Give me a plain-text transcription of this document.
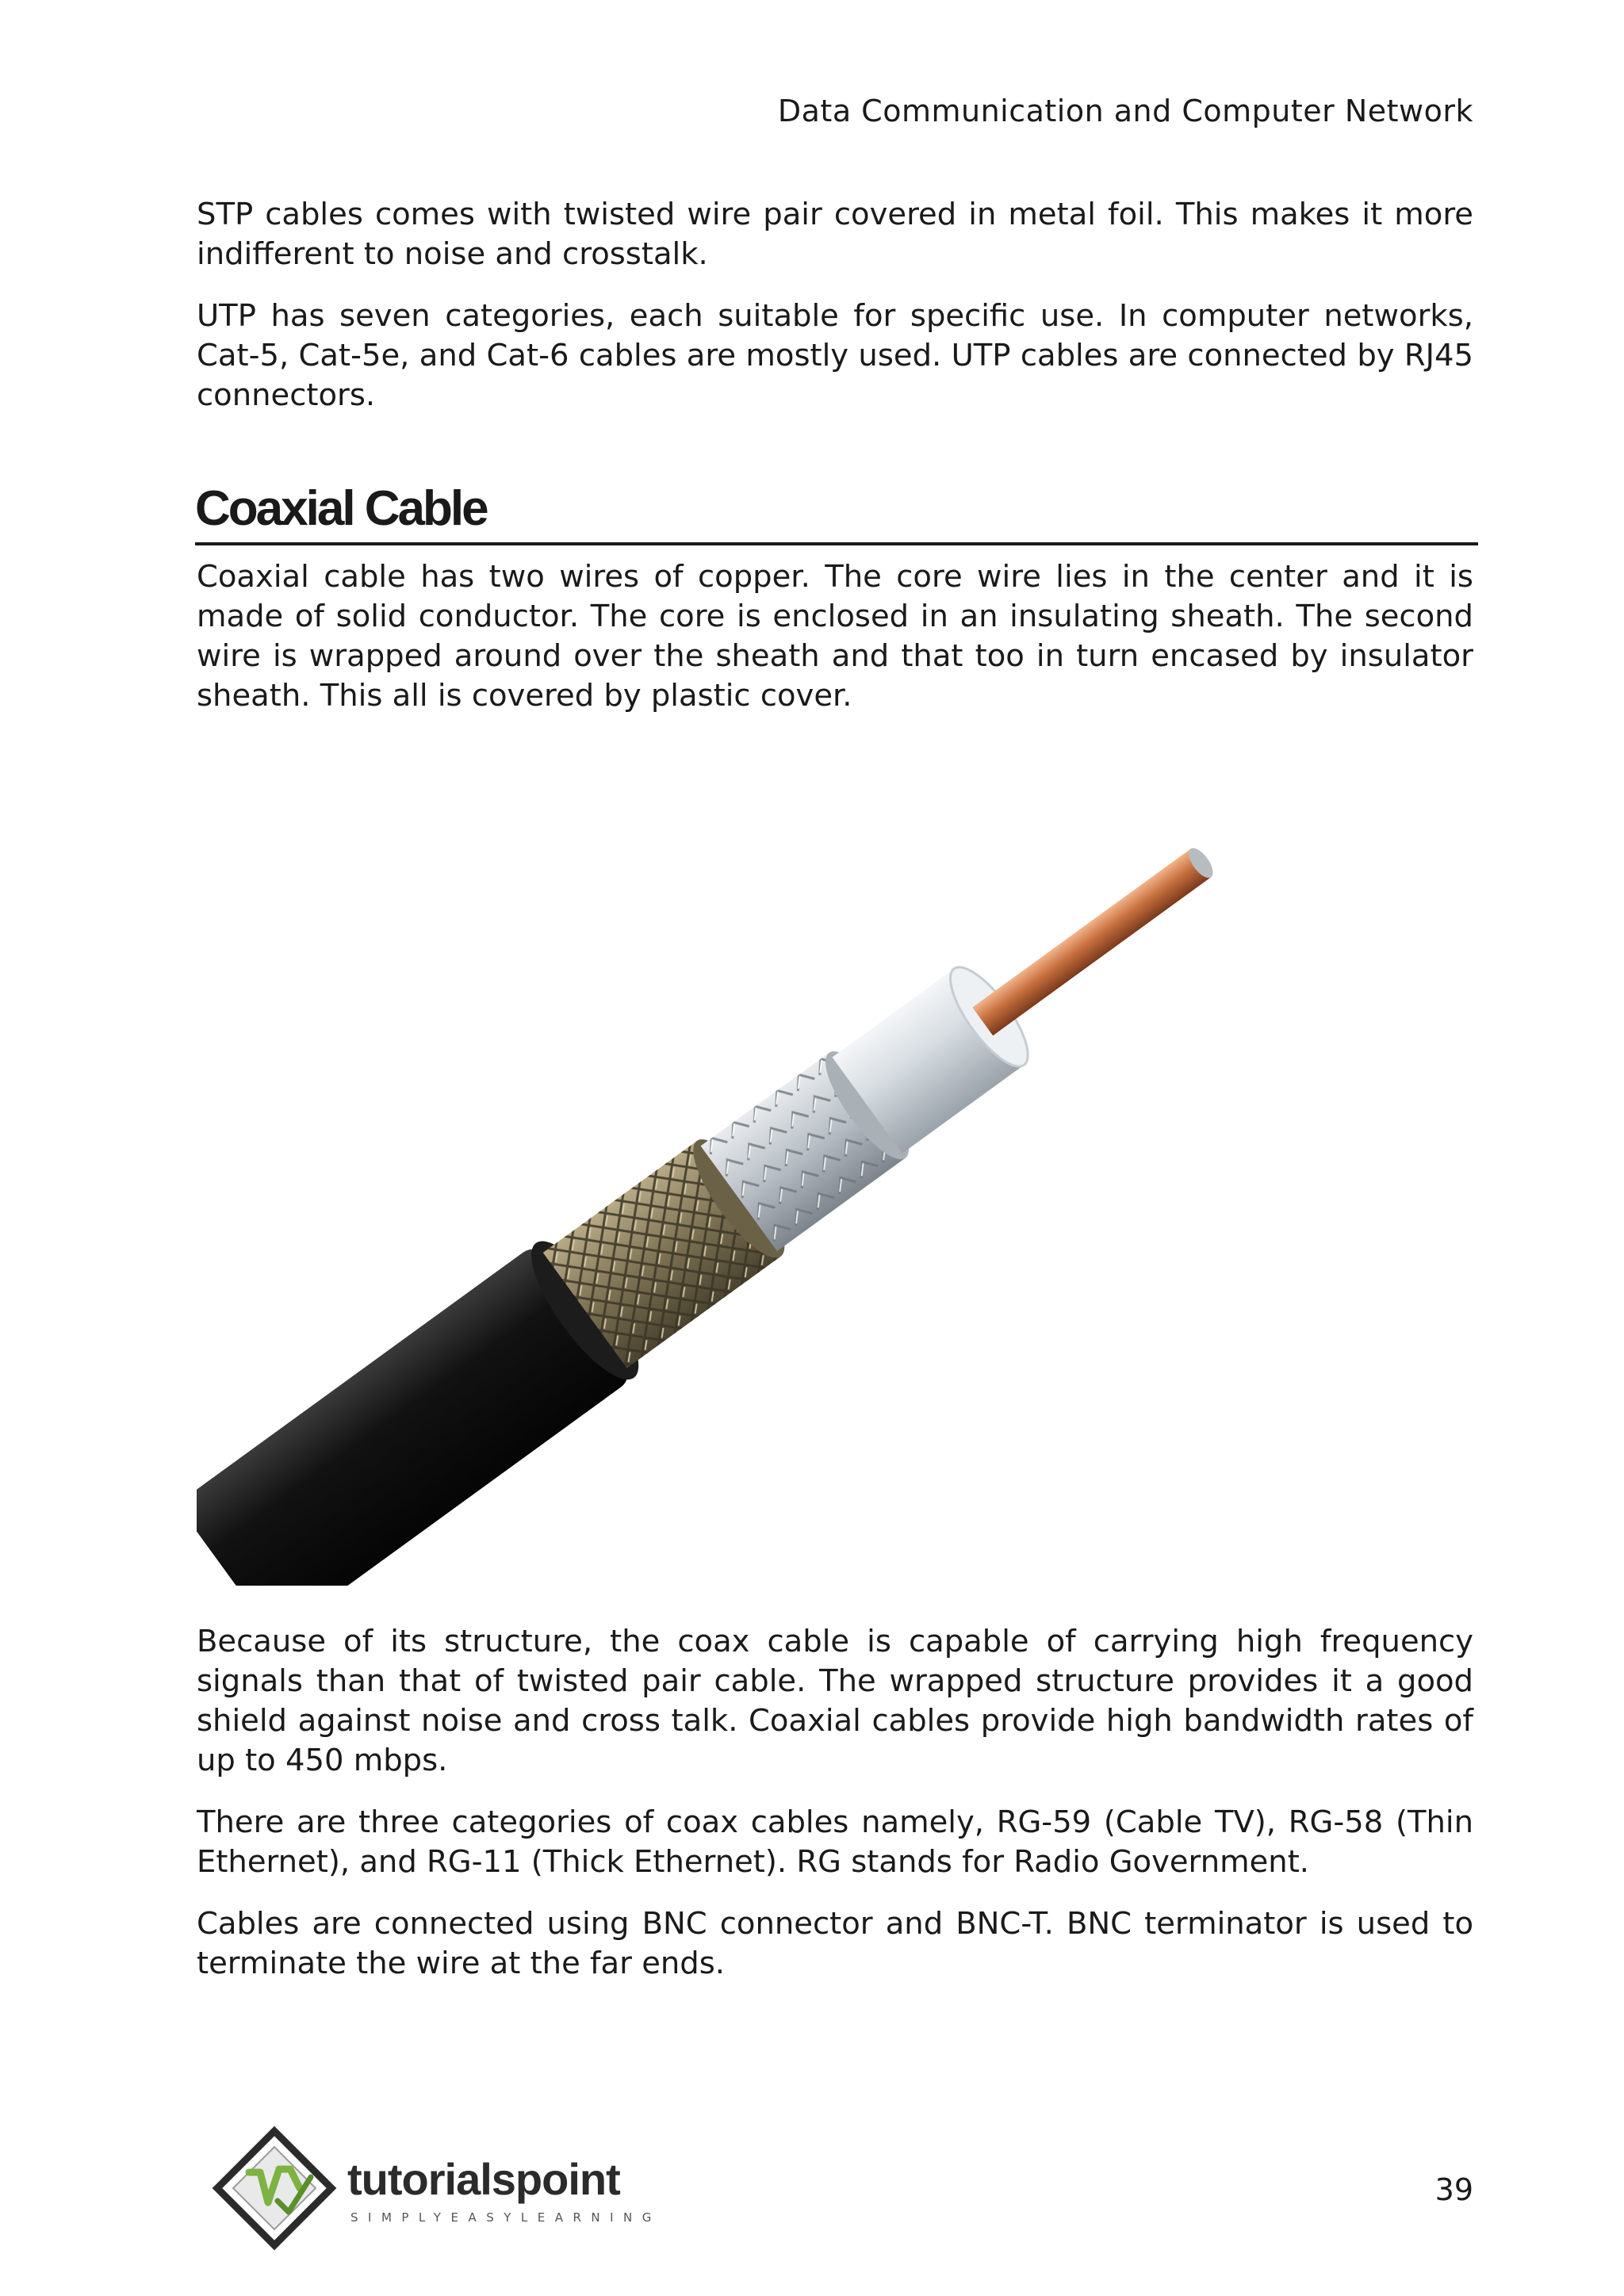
Data Communication and Computer Network

STP cables comes with twisted wire pair covered in metal foil. This makes it more indifferent to noise and crosstalk.

UTP has seven categories, each suitable for specific use. In computer networks, Cat-5, Cat-5e, and Cat-6 cables are mostly used. UTP cables are connected by RJ45 connectors.

Coaxial Cable

Coaxial cable has two wires of copper. The core wire lies in the center and it is made of solid conductor. The core is enclosed in an insulating sheath. The second wire is wrapped around over the sheath and that too in turn encased by insulator sheath. This all is covered by plastic cover.

Because of its structure, the coax cable is capable of carrying high frequency signals than that of twisted pair cable. The wrapped structure provides it a good shield against noise and cross talk. Coaxial cables provide high bandwidth rates of up to 450 mbps.

There are three categories of coax cables namely, RG-59 (Cable TV), RG-58 (Thin Ethernet), and RG-11 (Thick Ethernet). RG stands for Radio Government.

Cables are connected using BNC connector and BNC-T. BNC terminator is used to terminate the wire at the far ends.

tutorialspoint
SIMPLYEASYLEARNING
39
